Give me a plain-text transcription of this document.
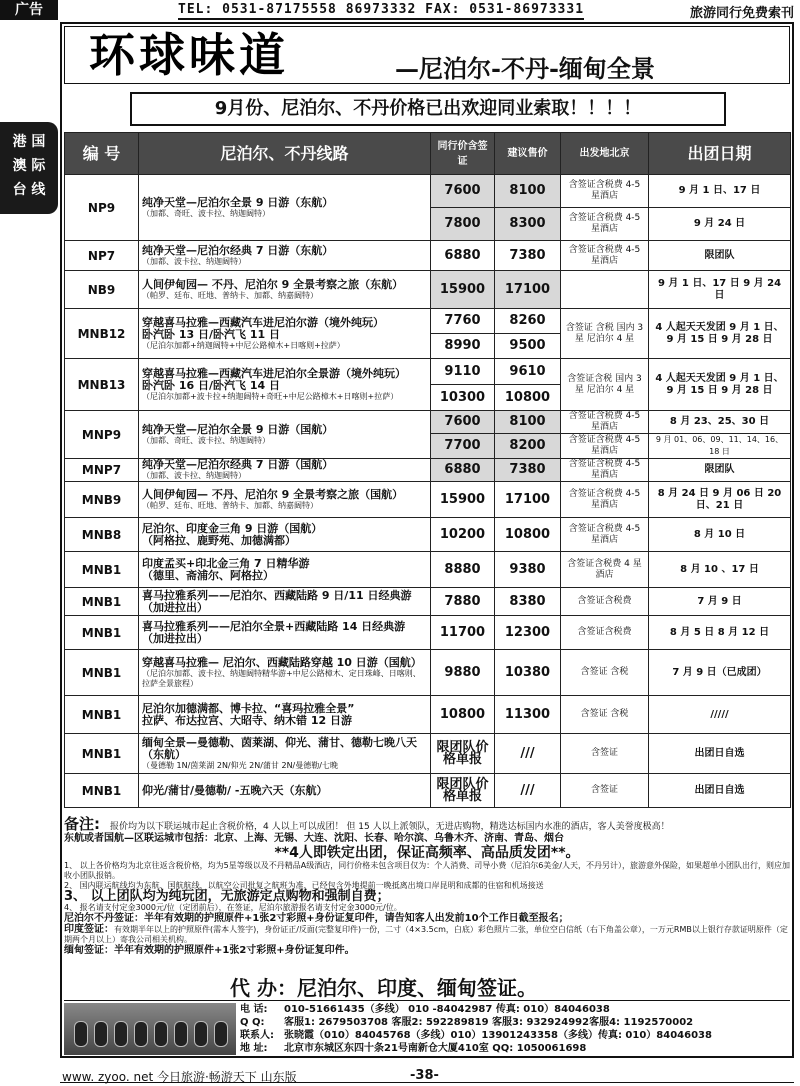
广告	TEL: 0531-87175558 86973332 FAX: 0531-86973331	旅游同行免费索刊
港 国
澳 际
台 线
环球味道	—尼泊尔-不丹-缅甸全景
9月份、尼泊尔、不丹价格已出欢迎同业索取！！！！
编 号	尼泊尔、不丹线路	同行价含签证	建议售价	出发地北京	出团日期
NP9	纯净天堂—尼泊尔全景 9 日游（东航）
（加都、奇旺、波卡拉、纳迦阔特）	7600	8100	含签证含税费 4-5 星酒店	9 月 1 日、17 日
		7800	8300	含签证含税费 4-5 星酒店	9 月 24 日
NP7	纯净天堂—尼泊尔经典 7 日游（东航）
（加都、波卡拉、纳迦阔特）	6880	7380	含签证含税费 4-5 星酒店	限团队
NB9	人间伊甸园— 不丹、尼泊尔 9 全景考察之旅（东航）
（帕罗、廷布、旺地、普纳卡、加都、纳嘉阔特）	15900	17100		9 月 1 日、17 日 9 月 24 日
MNB12	穿越喜马拉雅—西藏汽车进尼泊尔游（境外纯玩）
卧汽卧 13 日/卧汽飞 11 日
（尼泊尔加都+纳迦阔特+中尼公路樟木+日喀则+拉萨）	7760	8260	含签证 含税 国内 3 星 尼泊尔 4 星	4 人起天天发团 9 月 1 日、9 月 15 日 9 月 28 日
		8990	9500		
MNB13	穿越喜马拉雅—西藏汽车进尼泊尔全景游（境外纯玩）
卧汽卧 16 日/卧汽飞 14 日
（尼泊尔加都+波卡拉+纳迦阔特+奇旺+中尼公路樟木+日喀则+拉萨）	9110	9610	含签证含税 国内 3 星 尼泊尔 4 星	4 人起天天发团 9 月 1 日、9 月 15 日 9 月 28 日
		10300	10800		
MNP9	纯净天堂—尼泊尔全景 9 日游（国航）
（加都、奇旺、波卡拉、纳迦阔特）	7600	8100	含签证含税费 4-5 星酒店	8 月 23、25、30 日
		7700	8200	含签证含税费 4-5 星酒店	9 月 01、06、09、11、14、16、18 日
MNP7	纯净天堂—尼泊尔经典 7 日游（国航）
（加都、波卡拉、纳迦阔特）	6880	7380	含签证含税费 4-5 星酒店	限团队
MNB9	人间伊甸园— 不丹、尼泊尔 9 全景考察之旅（国航）
（帕罗、廷布、旺地、普纳卡、加都、纳嘉阔特）	15900	17100	含签证含税费 4-5 星酒店	8 月 24 日 9 月 06 日 20 日、21 日
MNB8	尼泊尔、印度金三角 9 日游（国航）
（阿格拉、鹿野苑、加德满都）	10200	10800	含签证含税费 4-5 星酒店	8 月 10 日
MNB1	印度孟买+印北金三角 7 日精华游
（德里、斋浦尔、阿格拉）	8880	9380	含签证含税费 4 星酒店	8 月 10 、17 日
MNB1	喜马拉雅系列——尼泊尔、西藏陆路 9 日/11 日经典游（加进拉出）	7880	8380	含签证含税费	7 月 9 日
MNB1	喜马拉雅系列——尼泊尔全景+西藏陆路 14 日经典游（加进拉出）	11700	12300	含签证含税费	8 月 5 日 8 月 12 日
MNB1	穿越喜马拉雅— 尼泊尔、西藏陆路穿越 10 日游（国航）
（尼泊尔加都、波卡拉、纳迦阔特精华游+中尼公路樟木、定日珠峰、日喀则、拉萨全景旅程）	9880	10380	含签证 含税	7 月 9 日（已成团）
MNB1	尼泊尔加德满都、博卡拉、“喜玛拉雅全景”
拉萨、布达拉宫、大昭寺、纳木错 12 日游	10800	11300	含签证 含税	/////
MNB1	缅甸全景—曼德勒、茵莱湖、仰光、蒲甘、德勒七晚八天（东航）
（曼德勒 1N/茵莱湖 2N/仰光 2N/蒲甘 2N/曼德勒/七晚	限团队价 格单报	///	含签证	出团日自选
MNB1	仰光/蒲甘/曼德勒/ -五晚六天（东航）	限团队价 格单报	///	含签证	出团日自选

备注: 报价均为以下联运城市起止含税价格，4 人以上可以成团！ 但 15 人以上派领队，无进店购物，精选达标国内水准的酒店，客人美誉度极高！

东航或者国航—区联运城市包括：北京、上海、无锡、大连、沈阳、长春、哈尔滨、乌鲁木齐、济南、青岛、烟台

**4人即铁定出团，保证高频率、高品质发团**。

1、 以上各价格均为北京往返含税价格，均为5星等级以及不丹精品A级酒店，同行价格未包含项目仅为：个人消费、司导小费（尼泊尔6美金/人天，不丹另计），旅游意外保险，如果超单小团队出行，则应加收小团队报销。

2、 国内联运航线均为东航、国航航线，以航空公司批复之航班为准，已经包含外地提前一晚抵离出境口岸昆明和成都的住宿和机场接送

3、 以上团队均为纯玩团，无旅游定点购物和强制自费；

4、 报名请支付定金3000元/位（定团前后），在签证，尼泊尔旅游报名请支付定金3000元/位。

尼泊尔不丹签证：半年有效期的护照原件+1张2寸彩照+身份证复印件，请告知客人出发前10个工作日截至报名；

印度签证：有效期半年以上的护照原件(需本人签字)，身份证正/反面(完整复印件)一份，二寸（4×3.5cm，白底）彩色照片二张，单位空白信纸（右下角盖公章），一万元RMB以上银行存款证明原件（定期两个月以上）寄我公司相关机构。

缅甸签证：半年有效期的护照原件+1张2寸彩照+身份证复印件。

代 办：尼泊尔、印度、缅甸签证。
电 话: 010-51661435（多线） 010 -84042987 传真: 010）84046038
Q Q: 客服1: 2679503708 客服2: 592289819 客服3: 932924992客服4: 1192570002
联系人: 张晓霞（010）84045768（多线）010）13901243358（多线）传真: 010）84046038
地 址: 北京市东城区东四十条21号南新仓大厦410室 QQ: 1050061698
www. zyoo. net 今日旅游·畅游天下 山东版	-38-
